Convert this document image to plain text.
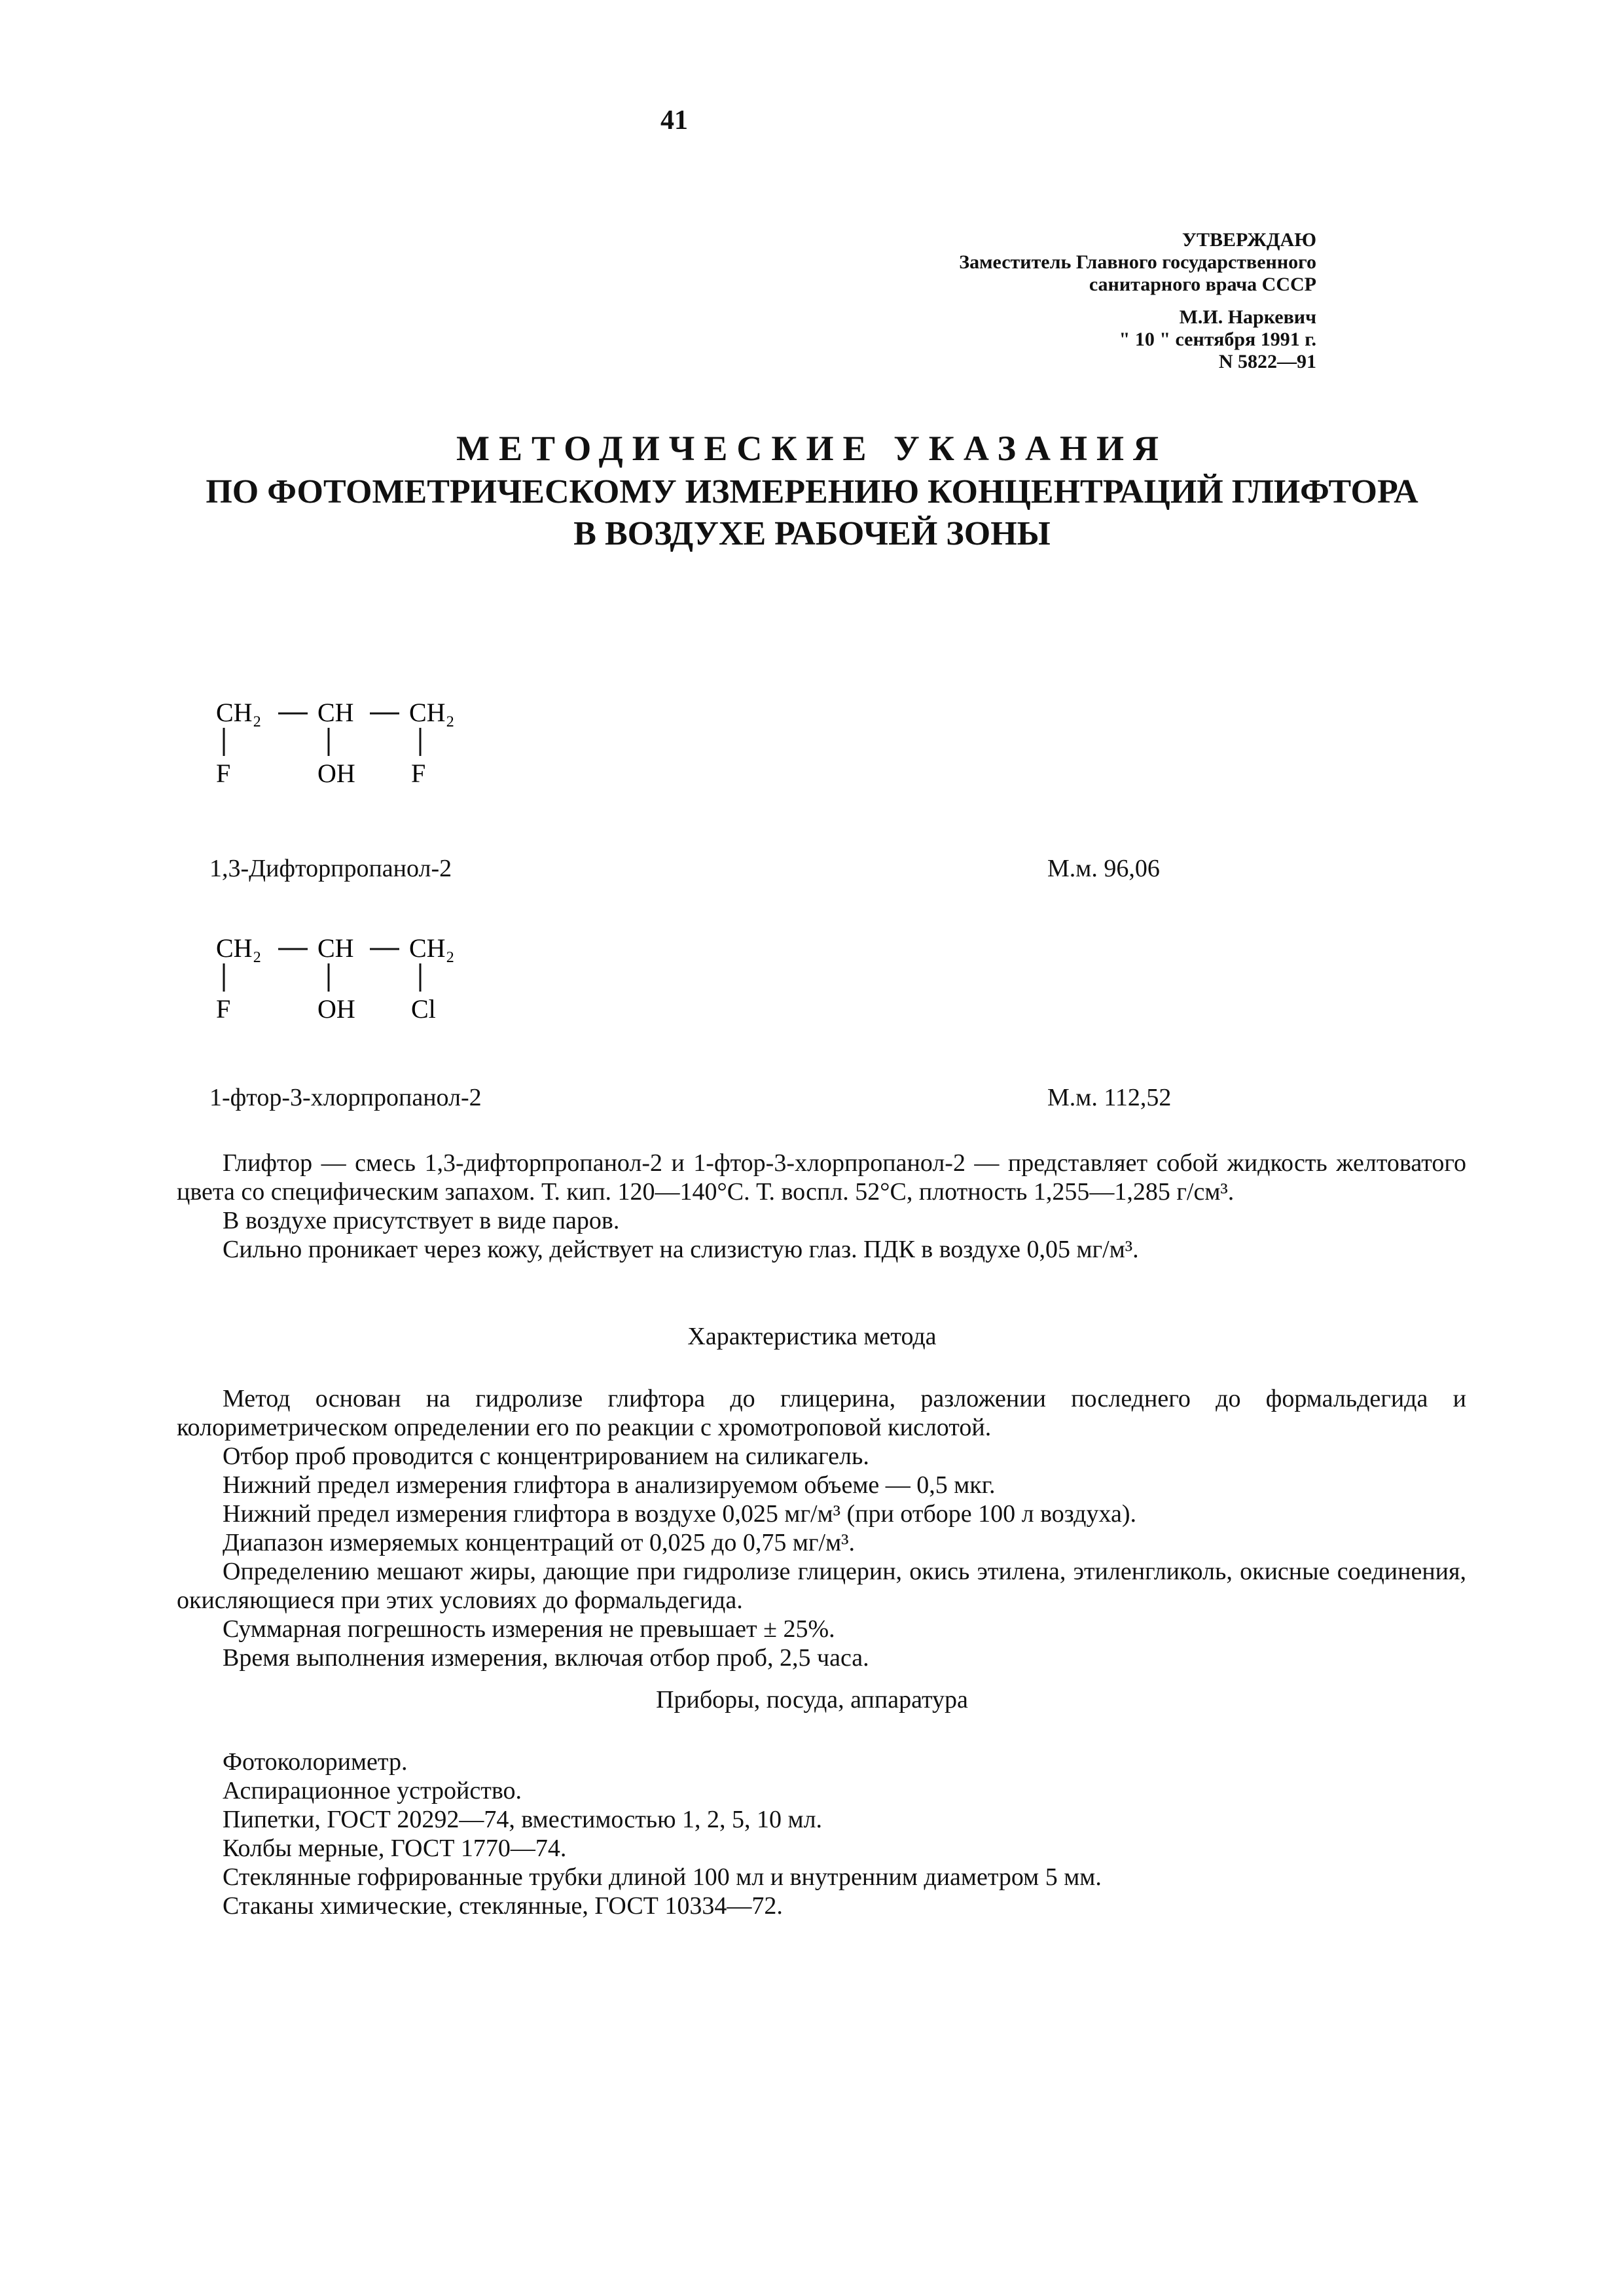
41
УТВЕРЖДАЮ
Заместитель Главного государственного
санитарного врача СССР
М.И. Наркевич
" 10 " сентября 1991 г.
N 5822—91
МЕТОДИЧЕСКИЕ УКАЗАНИЯ
ПО ФОТОМЕТРИЧЕСКОМУ ИЗМЕРЕНИЮ КОНЦЕНТРАЦИЙ ГЛИФТОРА
В ВОЗДУХЕ РАБОЧЕЙ ЗОНЫ
CH₂ CH CH₂
F	OH F
1,3-Дифторпропанол-2	М.м. 96,06
CH₂ CH CH₂
F	OH Cl
1-фтор-3-хлорпропанол-2	М.м. 112,52

Глифтор — смесь 1,3-дифторпропанол-2 и 1-фтор-3-хлорпропанол-2 — представляет собой жидкость желтоватого цвета со специфическим запахом. Т. кип. 120—140°С. Т. воспл. 52°С, плотность 1,255—1,285 г/см³.

В воздухе присутствует в виде паров.

Сильно проникает через кожу, действует на слизистую глаз. ПДК в воздухе 0,05 мг/м³.

Характеристика метода

Метод основан на гидролизе глифтора до глицерина, разложении последнего до формальдегида и колориметрическом определении его по реакции с хромотроповой кислотой.

Отбор проб проводится с концентрированием на силикагель.

Нижний предел измерения глифтора в анализируемом объеме — 0,5 мкг.

Нижний предел измерения глифтора в воздухе 0,025 мг/м³ (при отборе 100 л воздуха).

Диапазон измеряемых концентраций от 0,025 до 0,75 мг/м³.

Определению мешают жиры, дающие при гидролизе глицерин, окись этилена, этиленгликоль, окисные соединения, окисляющиеся при этих условиях до формальдегида.

Суммарная погрешность измерения не превышает ± 25%.

Время выполнения измерения, включая отбор проб, 2,5 часа.

Приборы, посуда, аппаратура
Фотоколориметр.
Аспирационное устройство.
Пипетки, ГОСТ 20292—74, вместимостью 1, 2, 5, 10 мл.
Колбы мерные, ГОСТ 1770—74.
Стеклянные гофрированные трубки длиной 100 мл и внутренним диаметром 5 мм.
Стаканы химические, стеклянные, ГОСТ 10334—72.
